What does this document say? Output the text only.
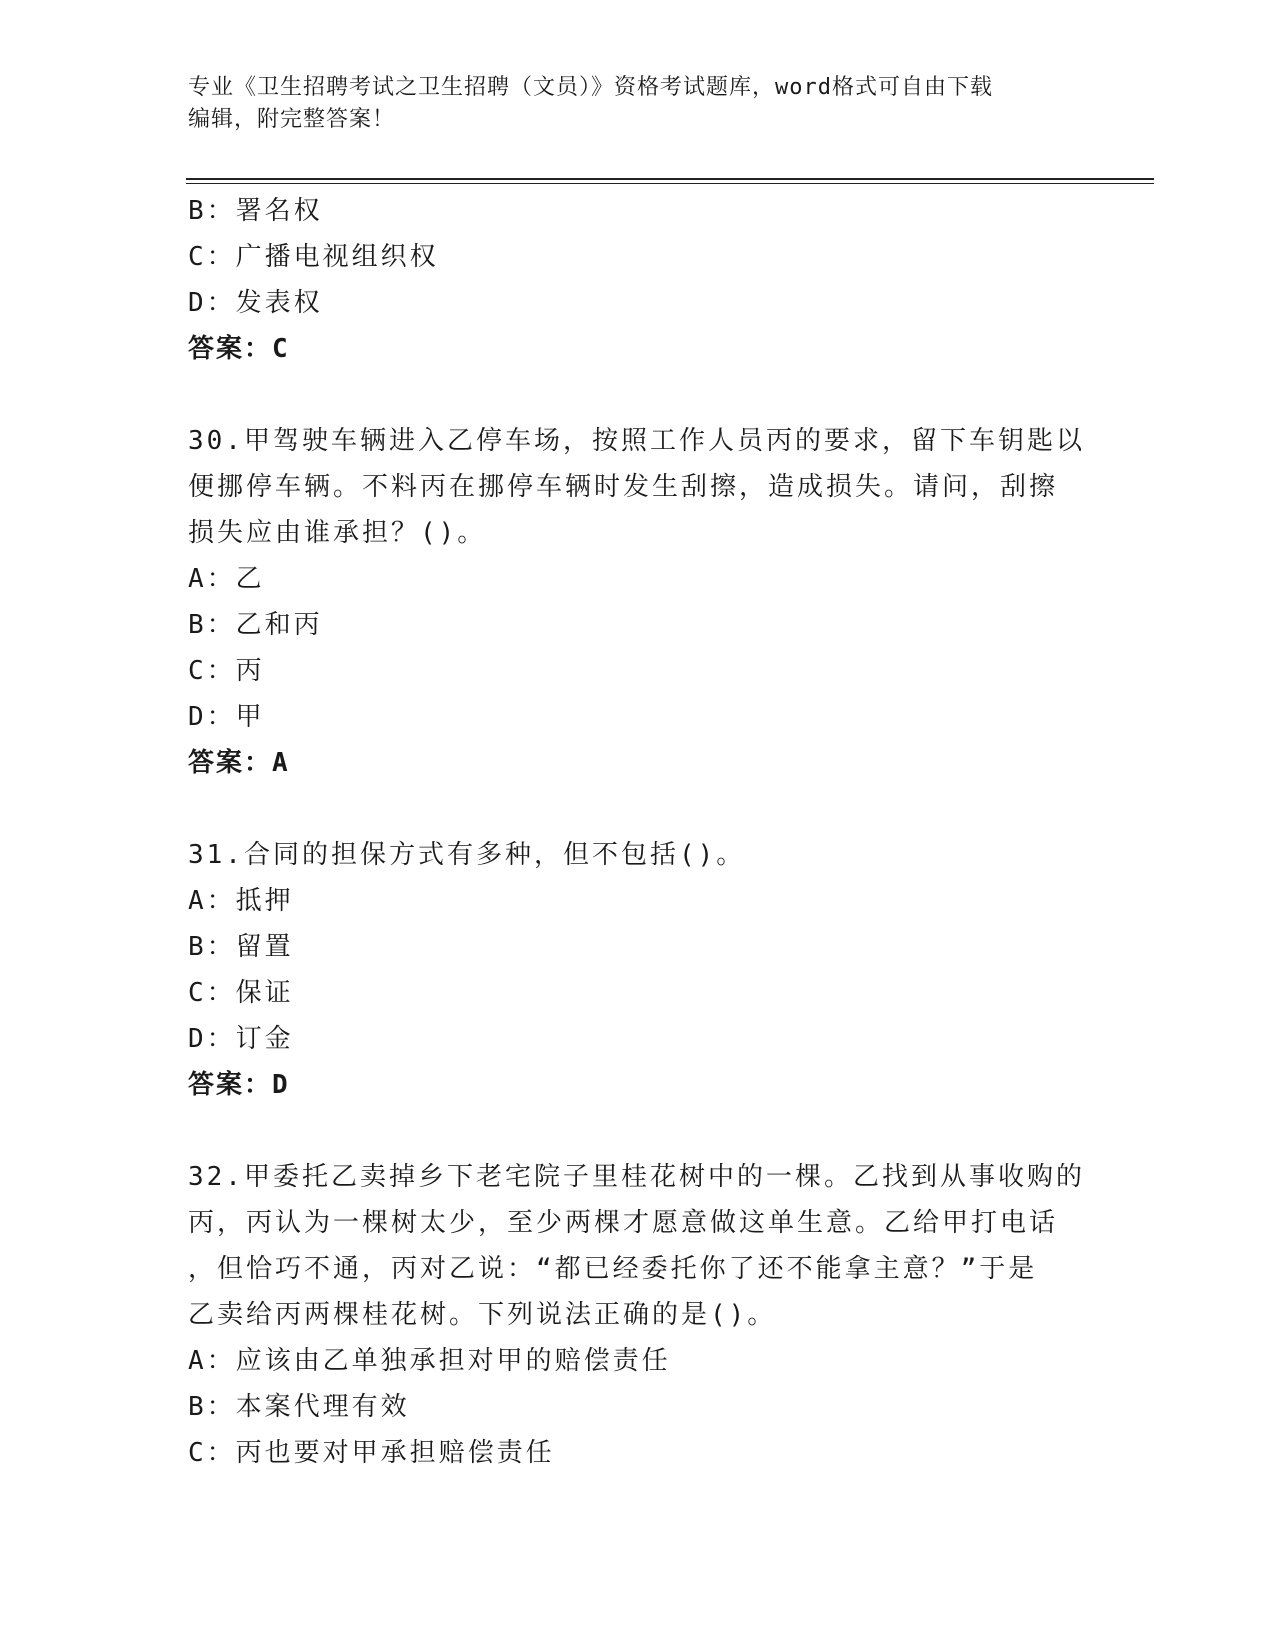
专业《卫生招聘考试之卫生招聘（文员）》资格考试题库，word格式可自由下载
编辑，附完整答案！
B：署名权
C：广播电视组织权
D：发表权
答案：C
30.甲驾驶车辆进入乙停车场，按照工作人员丙的要求，留下车钥匙以
便挪停车辆。不料丙在挪停车辆时发生刮擦，造成损失。请问，刮擦
损失应由谁承担？()。
A：乙
B：乙和丙
C：丙
D：甲
答案：A
31.合同的担保方式有多种，但不包括()。
A：抵押
B：留置
C：保证
D：订金
答案：D
32.甲委托乙卖掉乡下老宅院子里桂花树中的一棵。乙找到从事收购的
丙，丙认为一棵树太少，至少两棵才愿意做这单生意。乙给甲打电话
，但恰巧不通，丙对乙说：“都已经委托你了还不能拿主意？”于是
乙卖给丙两棵桂花树。下列说法正确的是()。
A：应该由乙单独承担对甲的赔偿责任
B：本案代理有效
C：丙也要对甲承担赔偿责任
